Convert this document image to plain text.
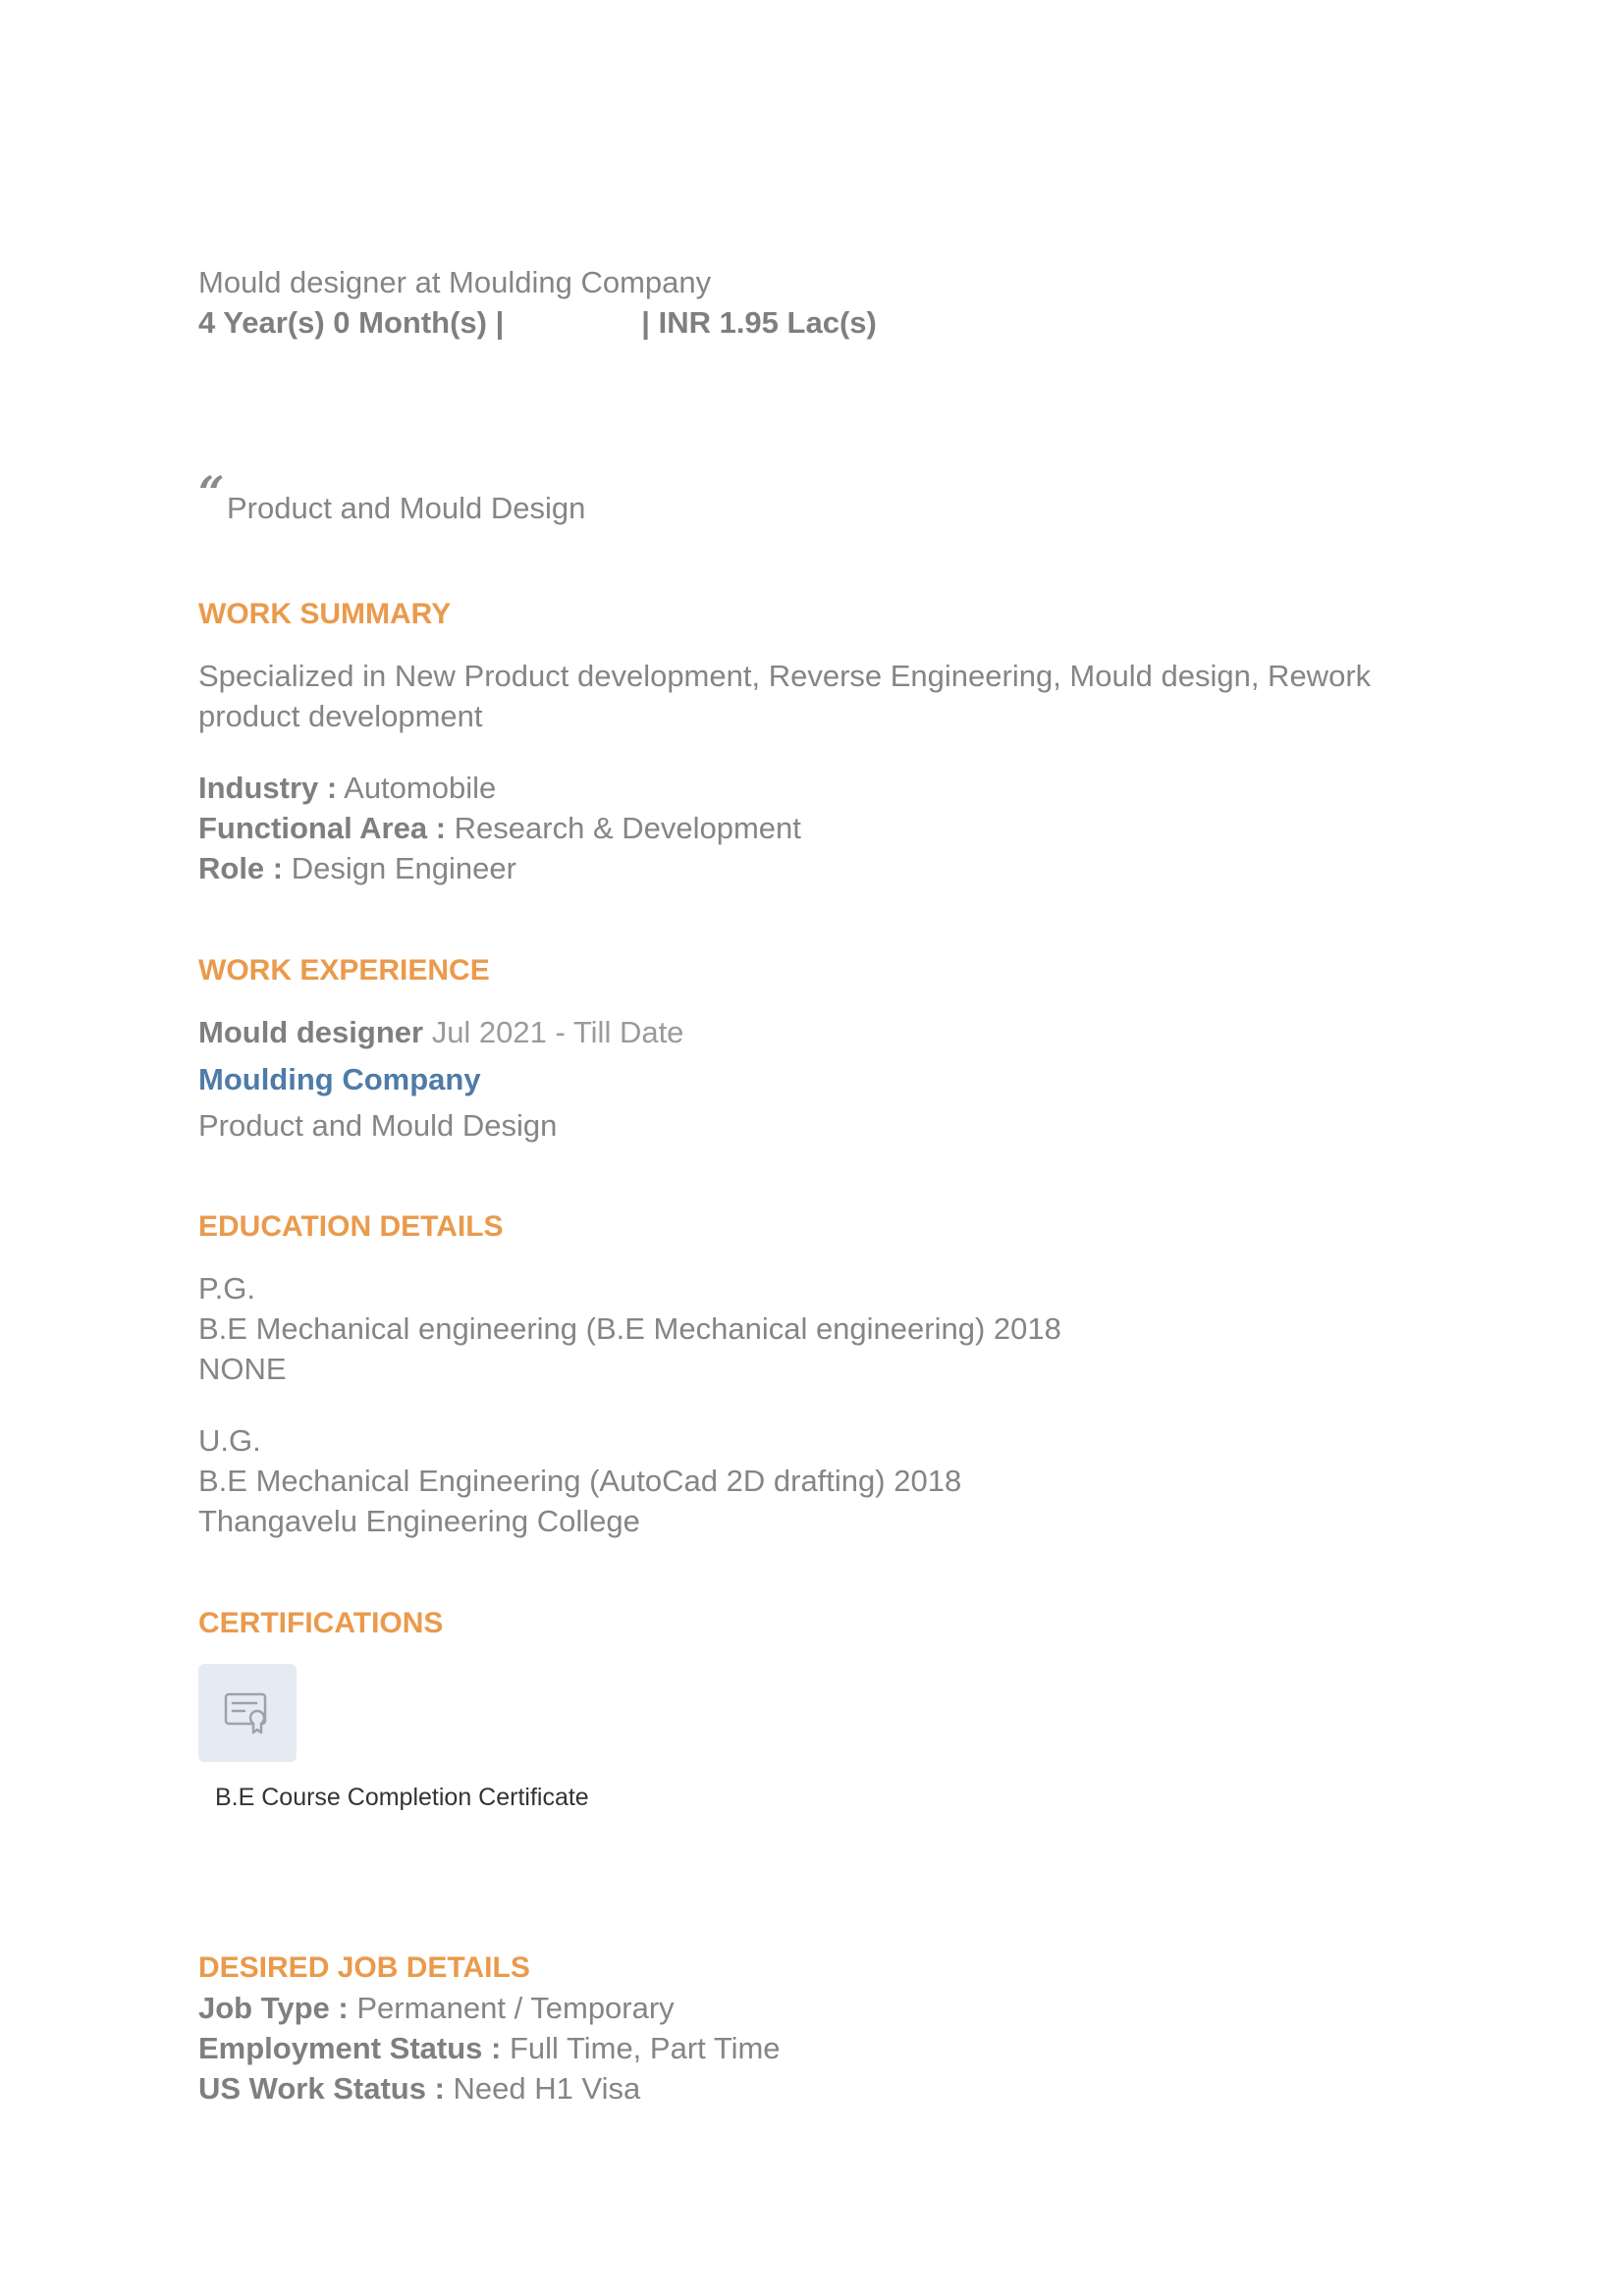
Mould designer at Moulding Company
4 Year(s) 0 Month(s) |	| INR 1.95 Lac(s)
“ Product and Mould Design
WORK SUMMARY
Specialized in New Product development, Reverse Engineering, Mould design, Rework
product development
Industry : Automobile
Functional Area : Research & Development
Role : Design Engineer
WORK EXPERIENCE
Mould designer Jul 2021 - Till Date
Moulding Company
Product and Mould Design
EDUCATION DETAILS
P.G.
B.E Mechanical engineering (B.E Mechanical engineering) 2018
NONE
U.G.
B.E Mechanical Engineering (AutoCad 2D drafting) 2018
Thangavelu Engineering College
CERTIFICATIONS
B.E Course Completion Certificate
DESIRED JOB DETAILS
Job Type : Permanent / Temporary
Employment Status : Full Time, Part Time
US Work Status : Need H1 Visa
